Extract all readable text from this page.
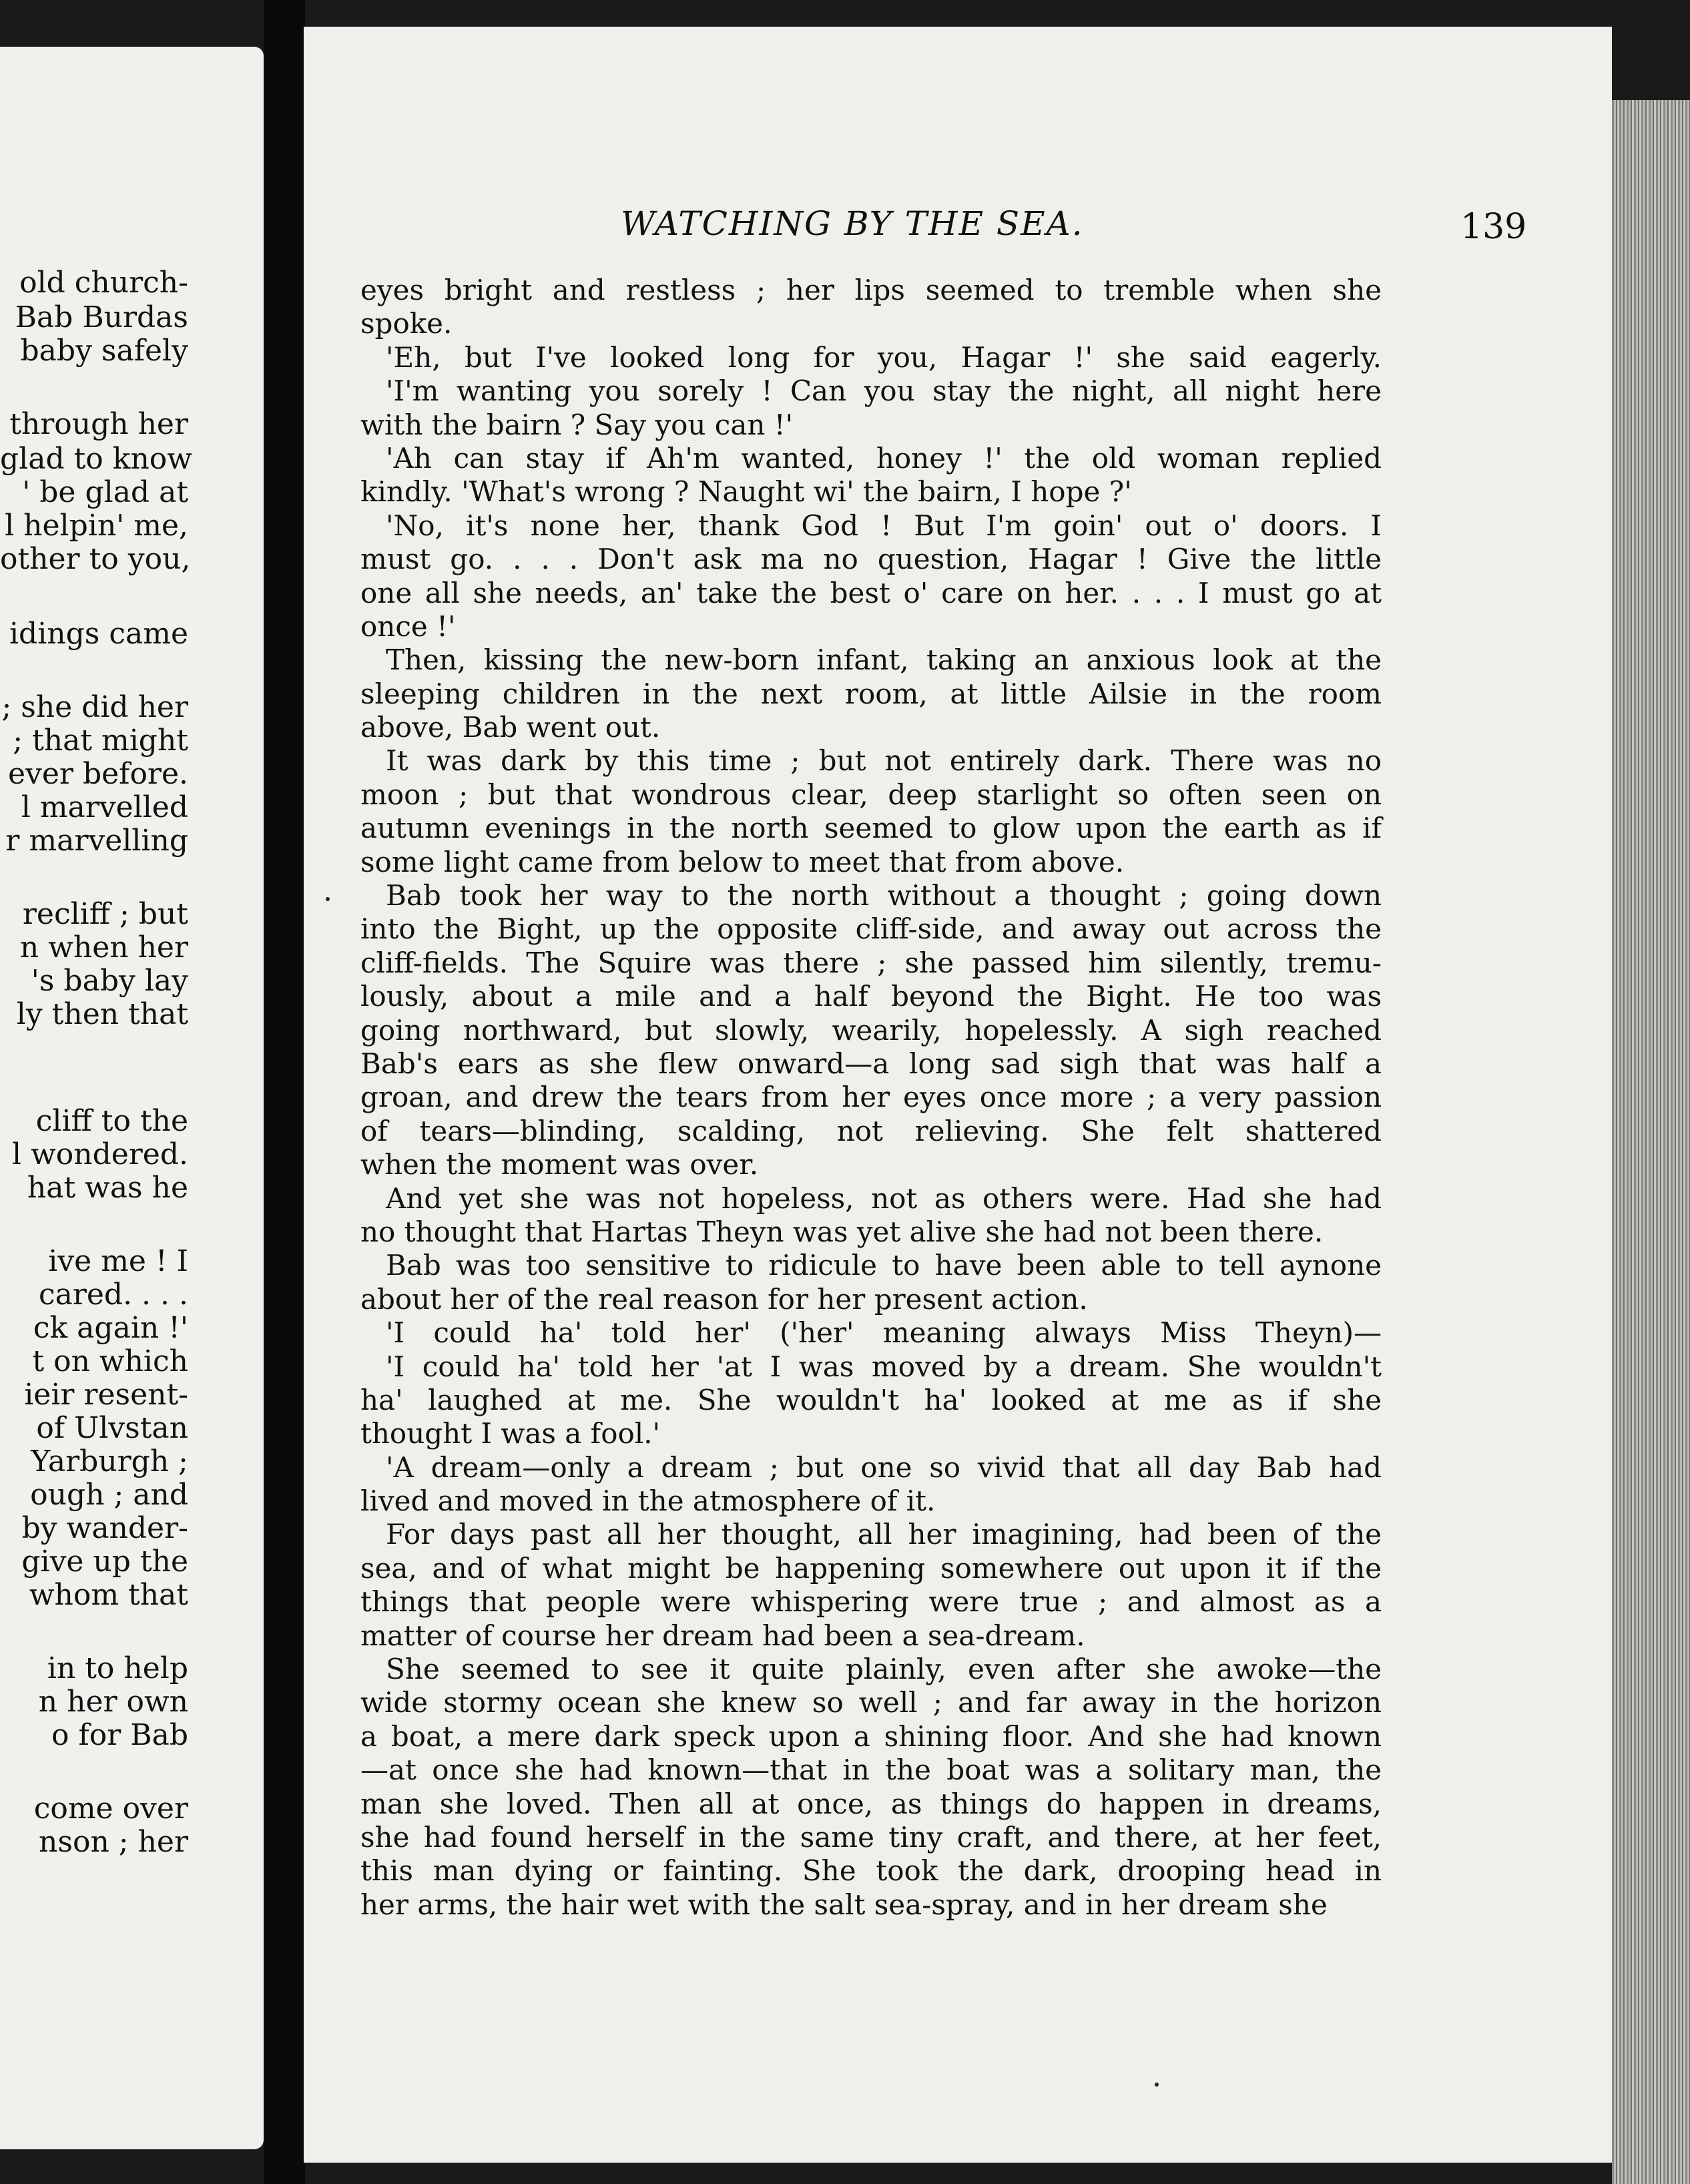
old church-
Bab Burdas
baby safely
through her
glad to know
' be glad at
l helpin' me,
other to you,
idings came
; she did her
; that might
ever before.
l marvelled
r marvelling
recliff ; but
n when her
's baby lay
ly then that
cliff to the
l wondered.
hat was he
ive me ! I
cared. . . .
ck again !'
t on which
ieir resent-
of Ulvstan
Yarburgh ;
ough ; and
by wander-
give up the
whom that
in to help
n her own
o for Bab
come over
nson ; her
WATCHING BY THE SEA.	139
eyes bright and restless ; her lips seemed to tremble when she
spoke.
'Eh, but I've looked long for you, Hagar !' she said eagerly.
'I'm wanting you sorely ! Can you stay the night, all night here
with the bairn ? Say you can !'
'Ah can stay if Ah'm wanted, honey !' the old woman replied
kindly. 'What's wrong ? Naught wi' the bairn, I hope ?'
'No, it's none her, thank God ! But I'm goin' out o' doors. I
must go. . . . Don't ask ma no question, Hagar ! Give the little
one all she needs, an' take the best o' care on her. . . . I must go at
once !'
Then, kissing the new-born infant, taking an anxious look at the
sleeping children in the next room, at little Ailsie in the room
above, Bab went out.
It was dark by this time ; but not entirely dark. There was no
moon ; but that wondrous clear, deep starlight so often seen on
autumn evenings in the north seemed to glow upon the earth as if
some light came from below to meet that from above.
Bab took her way to the north without a thought ; going down
into the Bight, up the opposite cliff-side, and away out across the
cliff-fields. The Squire was there ; she passed him silently, tremu-
lously, about a mile and a half beyond the Bight. He too was
going northward, but slowly, wearily, hopelessly. A sigh reached
Bab's ears as she flew onward—a long sad sigh that was half a
groan, and drew the tears from her eyes once more ; a very passion
of tears—blinding, scalding, not relieving. She felt shattered
when the moment was over.
And yet she was not hopeless, not as others were. Had she had
no thought that Hartas Theyn was yet alive she had not been there.
Bab was too sensitive to ridicule to have been able to tell aynone
about her of the real reason for her present action.
'I could ha' told her' ('her' meaning always Miss Theyn)—
'I could ha' told her 'at I was moved by a dream. She wouldn't
ha' laughed at me. She wouldn't ha' looked at me as if she
thought I was a fool.'
'A dream—only a dream ; but one so vivid that all day Bab had
lived and moved in the atmosphere of it.
For days past all her thought, all her imagining, had been of the
sea, and of what might be happening somewhere out upon it if the
things that people were whispering were true ; and almost as a
matter of course her dream had been a sea-dream.
She seemed to see it quite plainly, even after she awoke—the
wide stormy ocean she knew so well ; and far away in the horizon
a boat, a mere dark speck upon a shining floor. And she had known
—at once she had known—that in the boat was a solitary man, the
man she loved. Then all at once, as things do happen in dreams,
she had found herself in the same tiny craft, and there, at her feet,
this man dying or fainting. She took the dark, drooping head in
her arms, the hair wet with the salt sea-spray, and in her dream she
